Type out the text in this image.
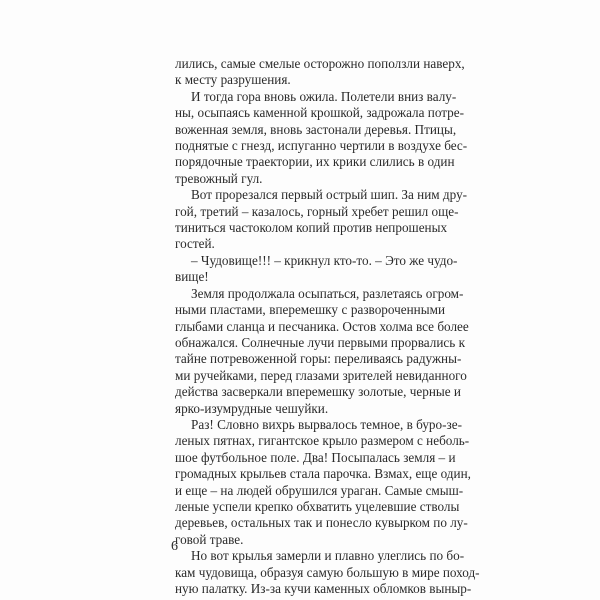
лились, самые смелые осторожно поползли наверх,
к месту разрушения.

И тогда гора вновь ожила. Полетели вниз валу-
ны, осыпаясь каменной крошкой, задрожала потре-
воженная земля, вновь застонали деревья. Птицы,
поднятые с гнезд, испуганно чертили в воздухе бес-
порядочные траектории, их крики слились в один
тревожный гул.

Вот прорезался первый острый шип. За ним дру-
гой, третий – казалось, горный хребет решил още-
тиниться частоколом копий против непрошеных
гостей.

– Чудовище!!! – крикнул кто-то. – Это же чудо-
вище!

Земля продолжала осыпаться, разлетаясь огром-
ными пластами, вперемешку с развороченными
глыбами сланца и песчаника. Остов холма все более
обнажался. Солнечные лучи первыми прорвались к
тайне потревоженной горы: переливаясь радужны-
ми ручейками, перед глазами зрителей невиданного
действа засверкали вперемешку золотые, черные и
ярко-изумрудные чешуйки.

Раз! Словно вихрь вырвалось темное, в буро-зе-
леных пятнах, гигантское крыло размером с неболь-
шое футбольное поле. Два! Посыпалась земля – и
громадных крыльев стала парочка. Взмах, еще один,
и еще – на людей обрушился ураган. Самые смыш-
леные успели крепко обхватить уцелевшие стволы
деревьев, остальных так и понесло кувырком по лу-
говой траве.

Но вот крылья замерли и плавно улеглись по бо-
кам чудовища, образуя самую большую в мире поход-
ную палатку. Из-за кучи каменных обломков выныр-

6
